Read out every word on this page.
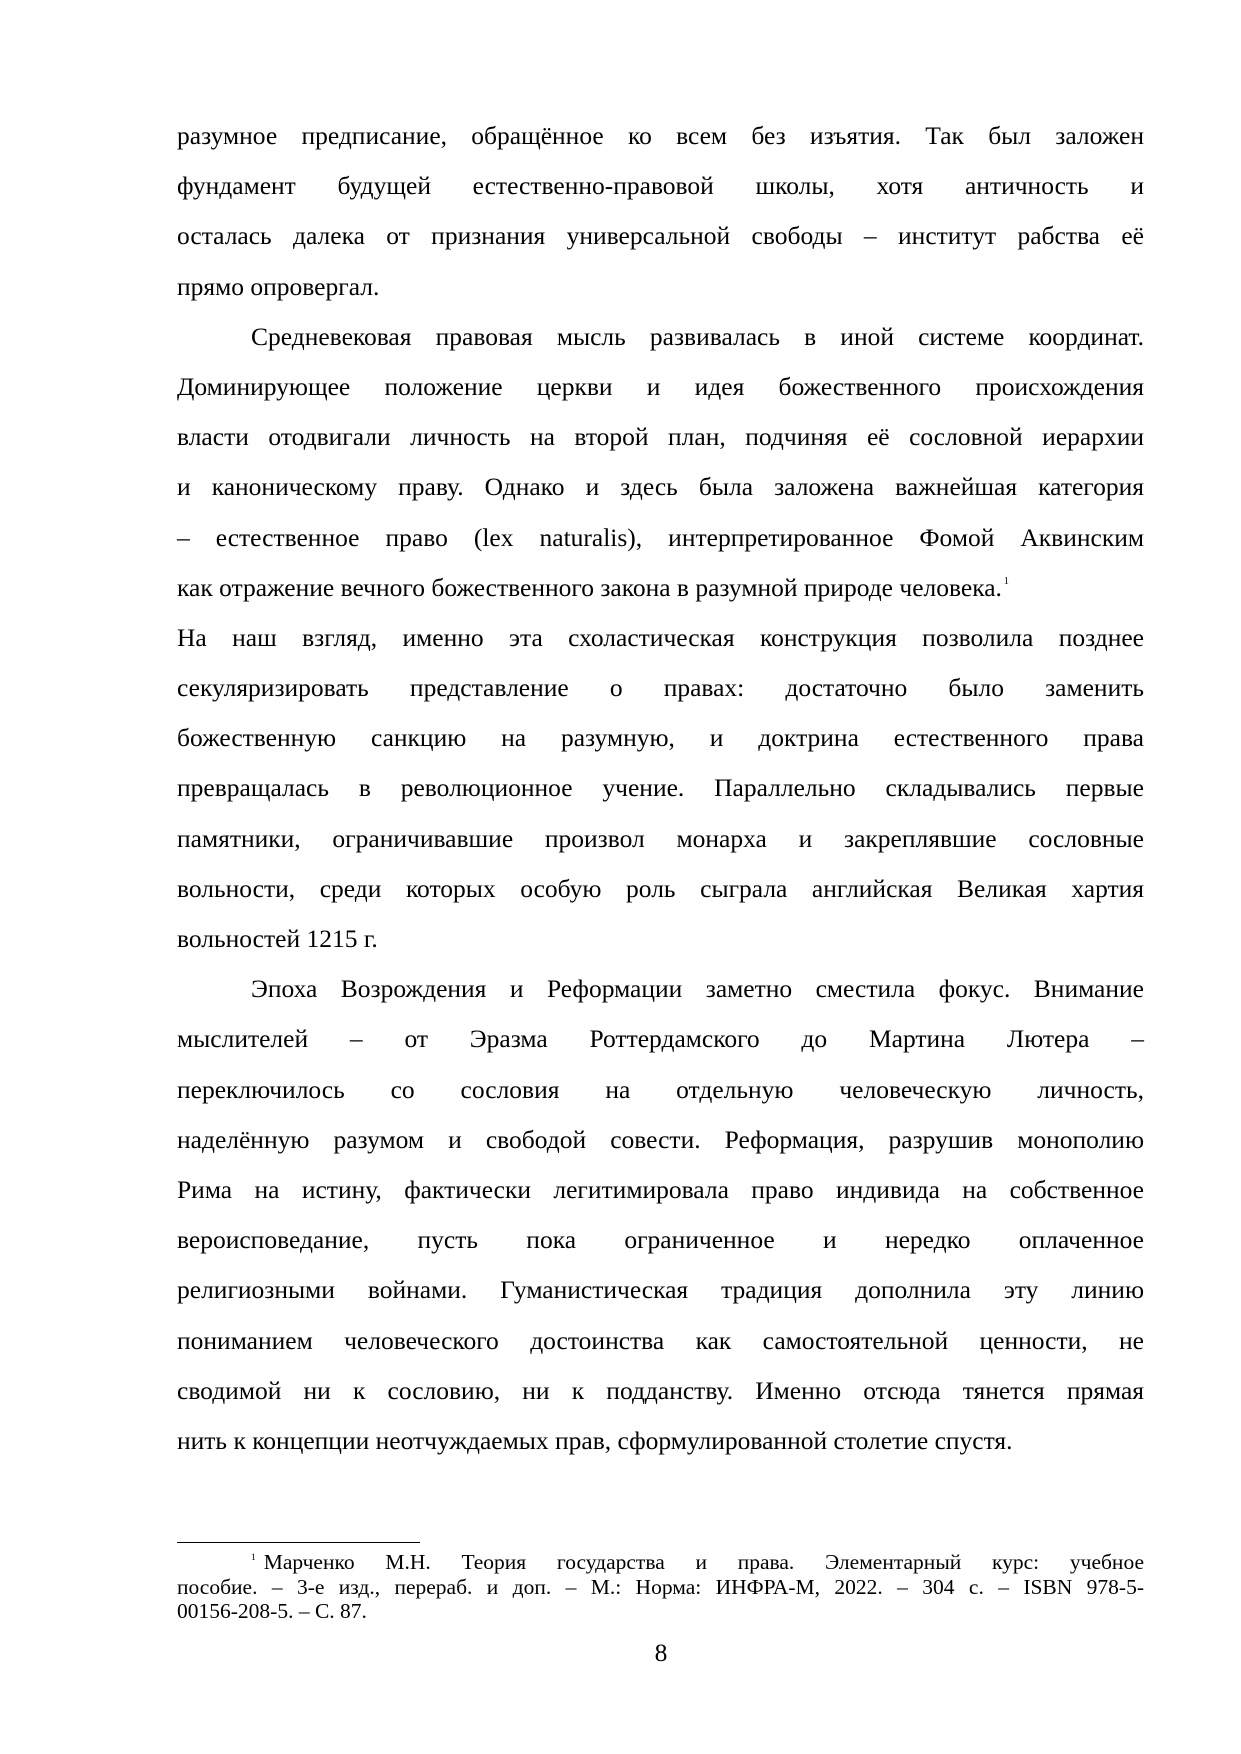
разумное предписание, обращённое ко всем без изъятия. Так был заложен
фундамент будущей естественно-правовой школы, хотя античность и
осталась далека от признания универсальной свободы – институт рабства её
прямо опровергал.
Средневековая правовая мысль развивалась в иной системе координат.
Доминирующее положение церкви и идея божественного происхождения
власти отодвигали личность на второй план, подчиняя её сословной иерархии
и каноническому праву. Однако и здесь была заложена важнейшая категория
– естественное право (lex naturalis), интерпретированное Фомой Аквинским
как отражение вечного божественного закона в разумной природе человека. $^1$
На наш взгляд, именно эта схоластическая конструкция позволила позднее
секуляризировать представление о правах: достаточно было заменить
божественную санкцию на разумную, и доктрина естественного права
превращалась в революционное учение. Параллельно складывались первые
памятники, ограничивавшие произвол монарха и закреплявшие сословные
вольности, среди которых особую роль сыграла английская Великая хартия
вольностей 1215 г.
Эпоха Возрождения и Реформации заметно сместила фокус. Внимание
мыслителей – от Эразма Роттердамского до Мартина Лютера –
переключилось со сословия на отдельную человеческую личность,
наделённую разумом и свободой совести. Реформация, разрушив монополию
Рима на истину, фактически легитимировала право индивида на собственное
вероисповедание, пусть пока ограниченное и нередко оплаченное
религиозными войнами. Гуманистическая традиция дополнила эту линию
пониманием человеческого достоинства как самостоятельной ценности, не
сводимой ни к сословию, ни к подданству. Именно отсюда тянется прямая
нить к концепции неотчуждаемых прав, сформулированной столетие спустя.
$^1$ Марченко М.Н. Теория государства и права. Элементарный курс: учебное
пособие. – 3-е изд., перераб. и доп. – М.: Норма: ИНФРА-М, 2022. – 304 с. – ISBN 978-5-
00156-208-5. – С. 87.
8
